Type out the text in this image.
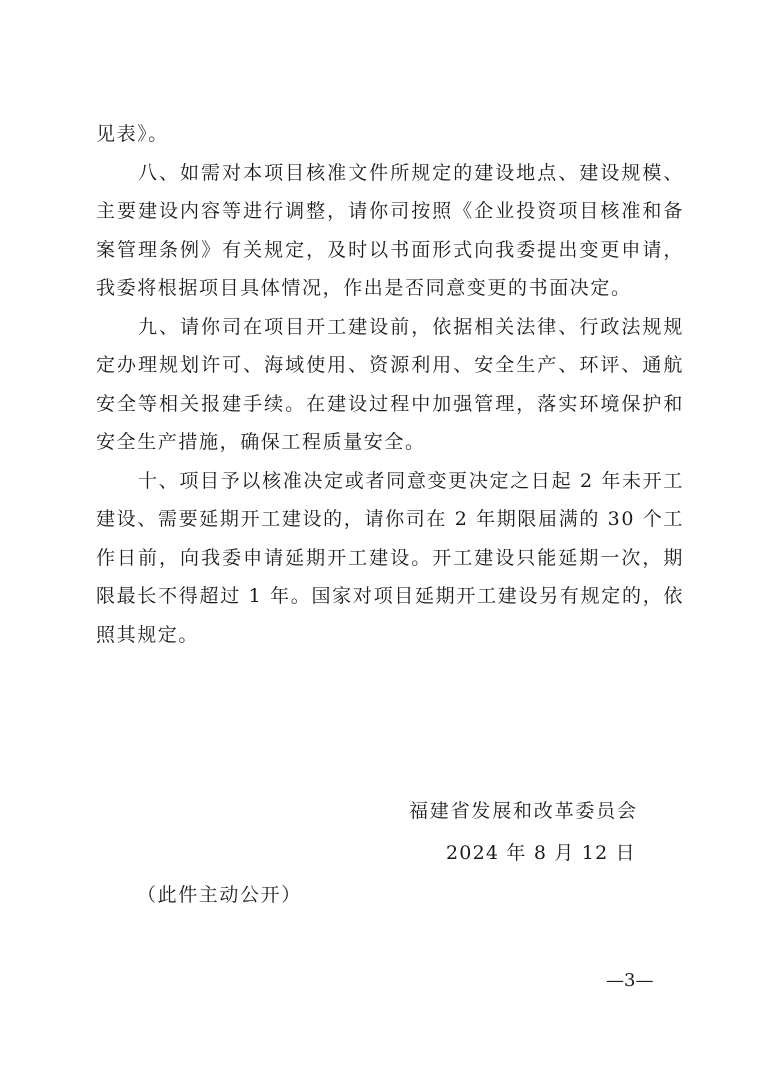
见表》。

八、如需对本项目核准文件所规定的建设地点、建设规模、主要建设内容等进行调整，请你司按照《企业投资项目核准和备案管理条例》有关规定，及时以书面形式向我委提出变更申请，我委将根据项目具体情况，作出是否同意变更的书面决定。

九、请你司在项目开工建设前，依据相关法律、行政法规规定办理规划许可、海域使用、资源利用、安全生产、环评、通航安全等相关报建手续。在建设过程中加强管理，落实环境保护和安全生产措施，确保工程质量安全。

十、项目予以核准决定或者同意变更决定之日起 2 年未开工建设、需要延期开工建设的，请你司在 2 年期限届满的 30 个工作日前，向我委申请延期开工建设。开工建设只能延期一次，期限最长不得超过 1 年。国家对项目延期开工建设另有规定的，依照其规定。

福建省发展和改革委员会
2024 年 8 月 12 日
（此件主动公开）
—3—
